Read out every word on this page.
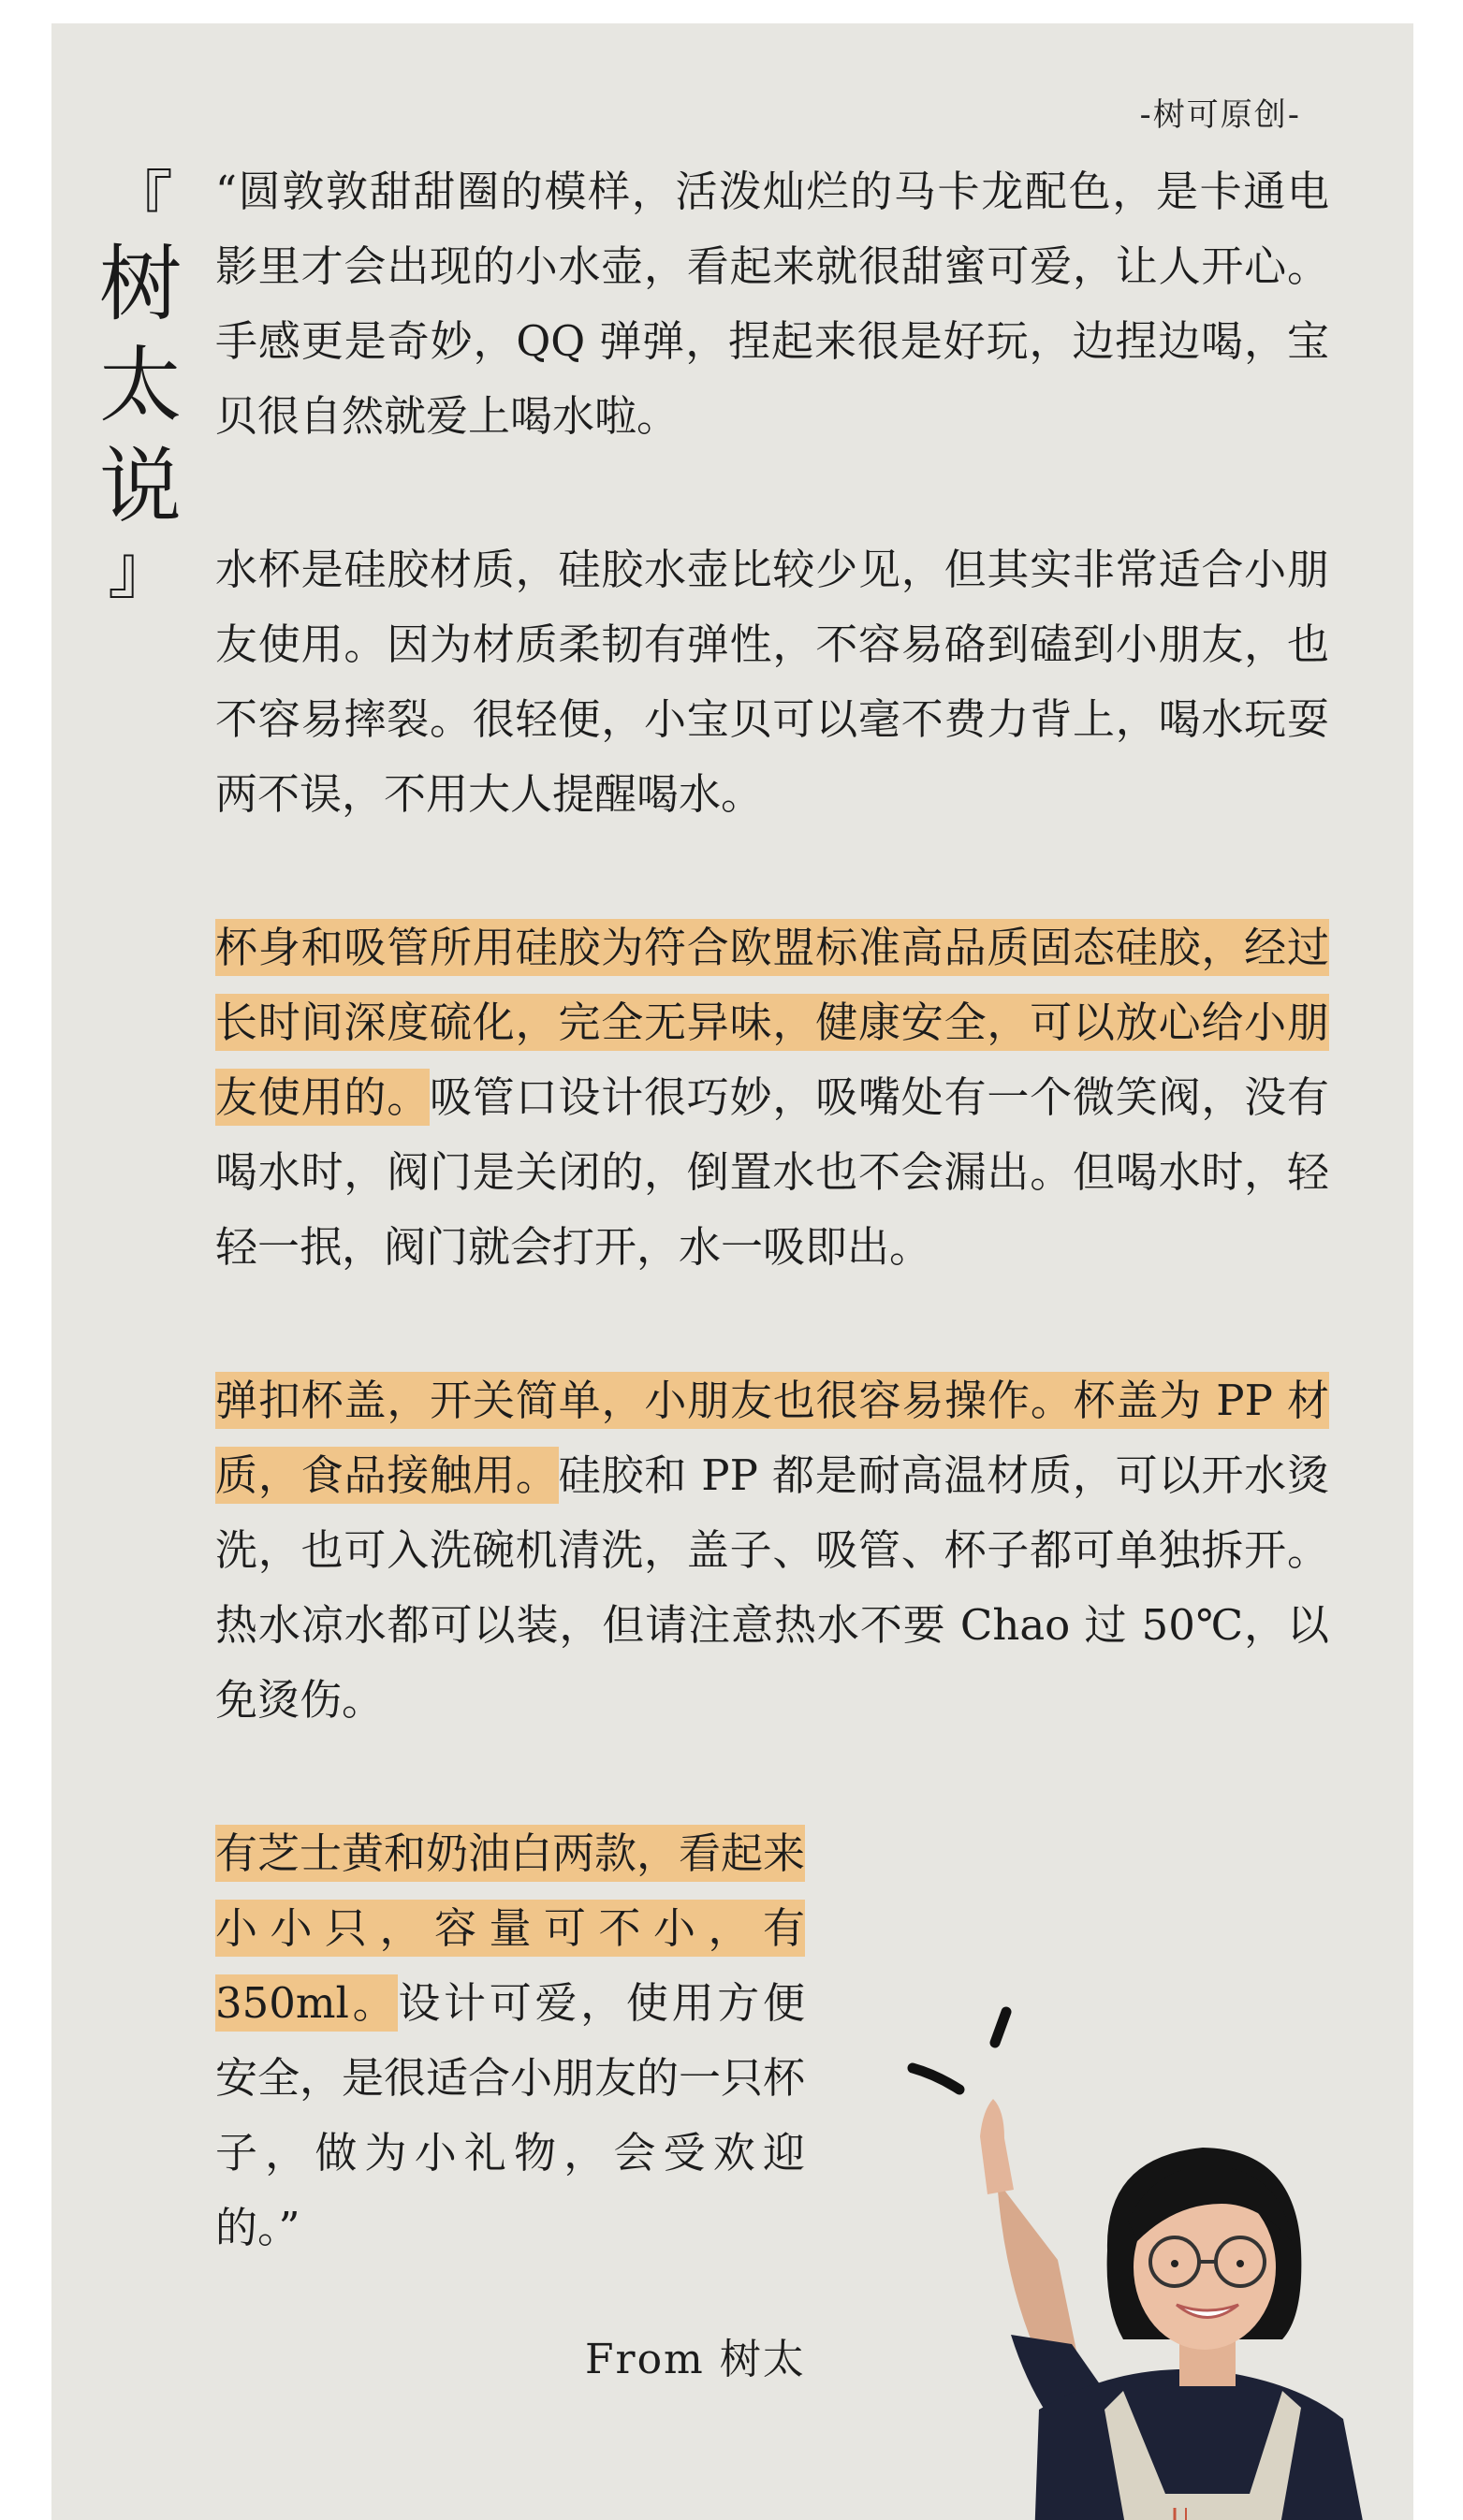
-树可原创-
『
树
太
说
』

“圆敦敦甜甜圈的模样，活泼灿烂的马卡龙配色，是卡通电影里才会出现的小水壶，看起来就很甜蜜可爱，让人开心。手感更是奇妙，QQ 弹弹，捏起来很是好玩，边捏边喝，宝贝很自然就爱上喝水啦。

水杯是硅胶材质，硅胶水壶比较少见，但其实非常适合小朋友使用。因为材质柔韧有弹性，不容易硌到磕到小朋友，也不容易摔裂。很轻便，小宝贝可以毫不费力背上，喝水玩耍两不误，不用大人提醒喝水。

杯身和吸管所用硅胶为符合欧盟标准高品质固态硅胶，经过长时间深度硫化，完全无异味，健康安全，可以放心给小朋友使用的。吸管口设计很巧妙，吸嘴处有一个微笑阀，没有喝水时，阀门是关闭的，倒置水也不会漏出。但喝水时，轻轻一抿，阀门就会打开，水一吸即出。

弹扣杯盖，开关简单，小朋友也很容易操作。杯盖为 PP 材质，食品接触用。硅胶和 PP 都是耐高温材质，可以开水烫洗，也可入洗碗机清洗，盖子、吸管、杯子都可单独拆开。热水凉水都可以装，但请注意热水不要 Chao 过 50℃，以免烫伤。

有芝士黄和奶油白两款，看起来小小只，容量可不小，有 350ml。设计可爱，使用方便安全，是很适合小朋友的一只杯子，做为小礼物，会受欢迎的。”

From 树太
